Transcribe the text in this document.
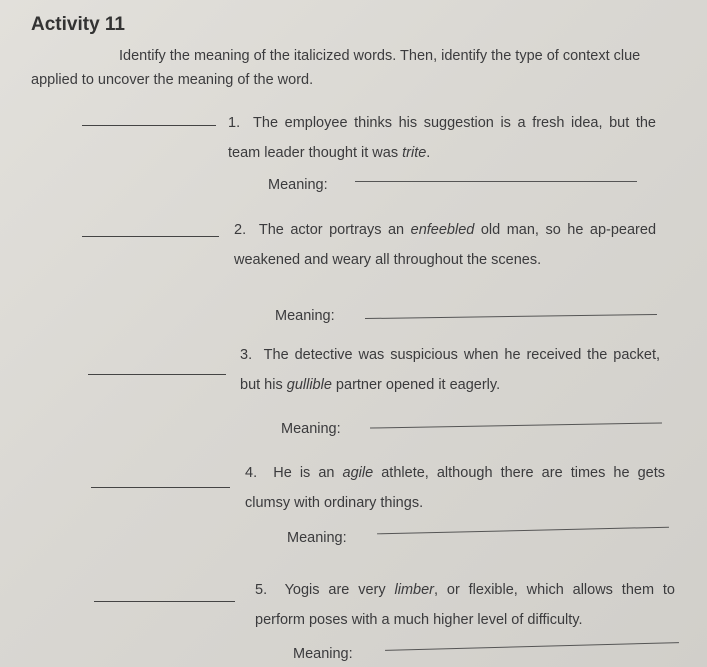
Activity 11
Identify the meaning of the italicized words. Then, identify the type of context clue applied to uncover the meaning of the word.
1. The employee thinks his suggestion is a fresh idea, but the team leader thought it was trite.
Meaning:
2. The actor portrays an enfeebled old man, so he ap-peared weakened and weary all throughout the scenes.
Meaning:
3. The detective was suspicious when he received the packet, but his gullible partner opened it eagerly.
Meaning:
4. He is an agile athlete, although there are times he gets clumsy with ordinary things.
Meaning:
5. Yogis are very limber, or flexible, which allows them to perform poses with a much higher level of difficulty.
Meaning:
